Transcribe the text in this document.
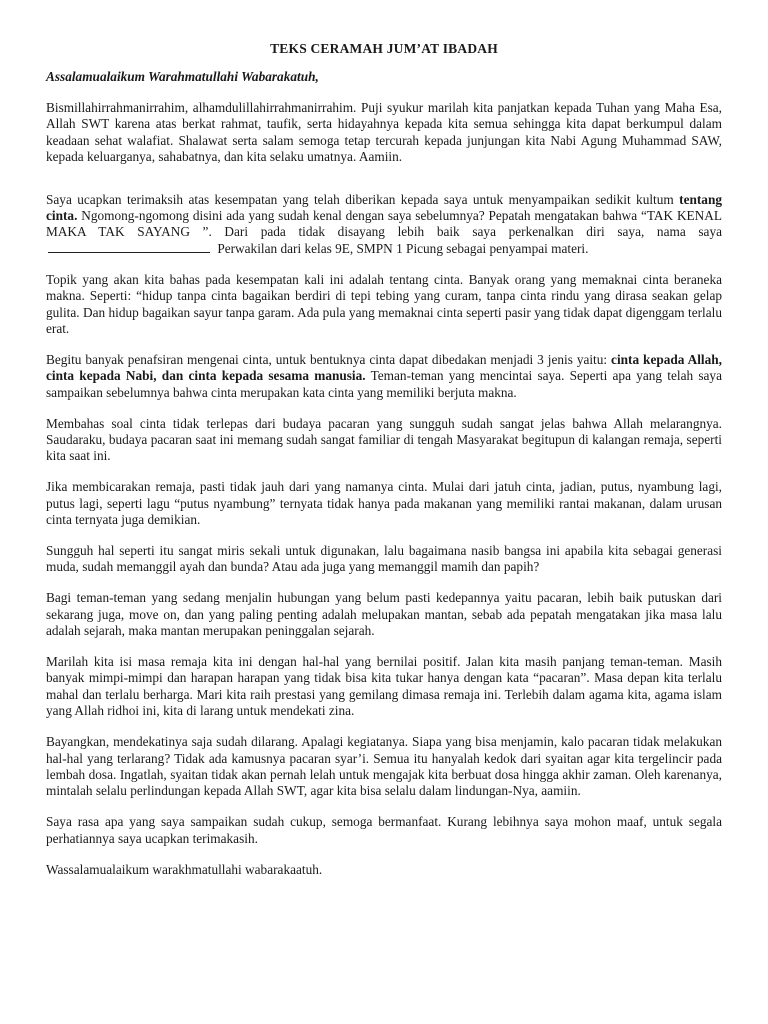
TEKS CERAMAH JUM’AT IBADAH
Assalamualaikum Warahmatullahi Wabarakatuh,

Bismillahirrahmanirrahim, alhamdulillahirrahmanirrahim. Puji syukur marilah kita panjatkan kepada Tuhan yang Maha Esa, Allah SWT karena atas berkat rahmat, taufik, serta hidayahnya kepada kita semua sehingga kita dapat berkumpul dalam keadaan sehat walafiat. Shalawat serta salam semoga tetap tercurah kepada junjungan kita Nabi Agung Muhammad SAW, kepada keluarganya, sahabatnya, dan kita selaku umatnya. Aamiin.

Saya ucapkan terimaksih atas kesempatan yang telah diberikan kepada saya untuk menyampaikan sedikit kultum tentang cinta. Ngomong-ngomong disini ada yang sudah kenal dengan saya sebelumnya? Pepatah mengatakan bahwa “TAK KENAL MAKA TAK SAYANG ”. Dari pada tidak disayang lebih baik saya perkenalkan diri saya, nama saya  Perwakilan dari kelas 9E, SMPN 1 Picung sebagai penyampai materi.

Topik yang akan kita bahas pada kesempatan kali ini adalah tentang cinta. Banyak orang yang memaknai cinta beraneka makna. Seperti: “hidup tanpa cinta bagaikan berdiri di tepi tebing yang curam, tanpa cinta rindu yang dirasa seakan gelap gulita. Dan hidup bagaikan sayur tanpa garam. Ada pula yang memaknai cinta seperti pasir yang tidak dapat digenggam terlalu erat.

Begitu banyak penafsiran mengenai cinta, untuk bentuknya cinta dapat dibedakan menjadi 3 jenis yaitu: cinta kepada Allah, cinta kepada Nabi, dan cinta kepada sesama manusia. Teman-teman yang mencintai saya. Seperti apa yang telah saya sampaikan sebelumnya bahwa cinta merupakan kata cinta yang memiliki berjuta makna.

Membahas soal cinta tidak terlepas dari budaya pacaran yang sungguh sudah sangat jelas bahwa Allah melarangnya. Saudaraku, budaya pacaran saat ini memang sudah sangat familiar di tengah Masyarakat begitupun di kalangan remaja, seperti kita saat ini.

Jika membicarakan remaja, pasti tidak jauh dari yang namanya cinta. Mulai dari jatuh cinta, jadian, putus, nyambung lagi, putus lagi, seperti lagu “putus nyambung” ternyata tidak hanya pada makanan yang memiliki rantai makanan, dalam urusan cinta ternyata juga demikian.

Sungguh hal seperti itu sangat miris sekali untuk digunakan, lalu bagaimana nasib bangsa ini apabila kita sebagai generasi muda, sudah memanggil ayah dan bunda? Atau ada juga yang memanggil mamih dan papih?

Bagi teman-teman yang sedang menjalin hubungan yang belum pasti kedepannya yaitu pacaran, lebih baik putuskan dari sekarang juga, move on, dan yang paling penting adalah melupakan mantan, sebab ada pepatah mengatakan jika masa lalu adalah sejarah, maka mantan merupakan peninggalan sejarah.

Marilah kita isi masa remaja kita ini dengan hal-hal yang bernilai positif. Jalan kita masih panjang teman-teman. Masih banyak mimpi-mimpi dan harapan harapan yang tidak bisa kita tukar hanya dengan kata “pacaran”. Masa depan kita terlalu mahal dan terlalu berharga. Mari kita raih prestasi yang gemilang dimasa remaja ini. Terlebih dalam agama kita, agama islam yang Allah ridhoi ini, kita di larang untuk mendekati zina.

Bayangkan, mendekatinya saja sudah dilarang. Apalagi kegiatanya. Siapa yang bisa menjamin, kalo pacaran tidak melakukan hal-hal yang terlarang? Tidak ada kamusnya pacaran syar’i. Semua itu hanyalah kedok dari syaitan agar kita tergelincir pada lembah dosa. Ingatlah, syaitan tidak akan pernah lelah untuk mengajak kita berbuat dosa hingga akhir zaman. Oleh karenanya, mintalah selalu perlindungan kepada Allah SWT, agar kita bisa selalu dalam lindungan-Nya, aamiin.

Saya rasa apa yang saya sampaikan sudah cukup, semoga bermanfaat. Kurang lebihnya saya mohon maaf, untuk segala perhatiannya saya ucapkan terimakasih.

Wassalamualaikum warakhmatullahi wabarakaatuh.
